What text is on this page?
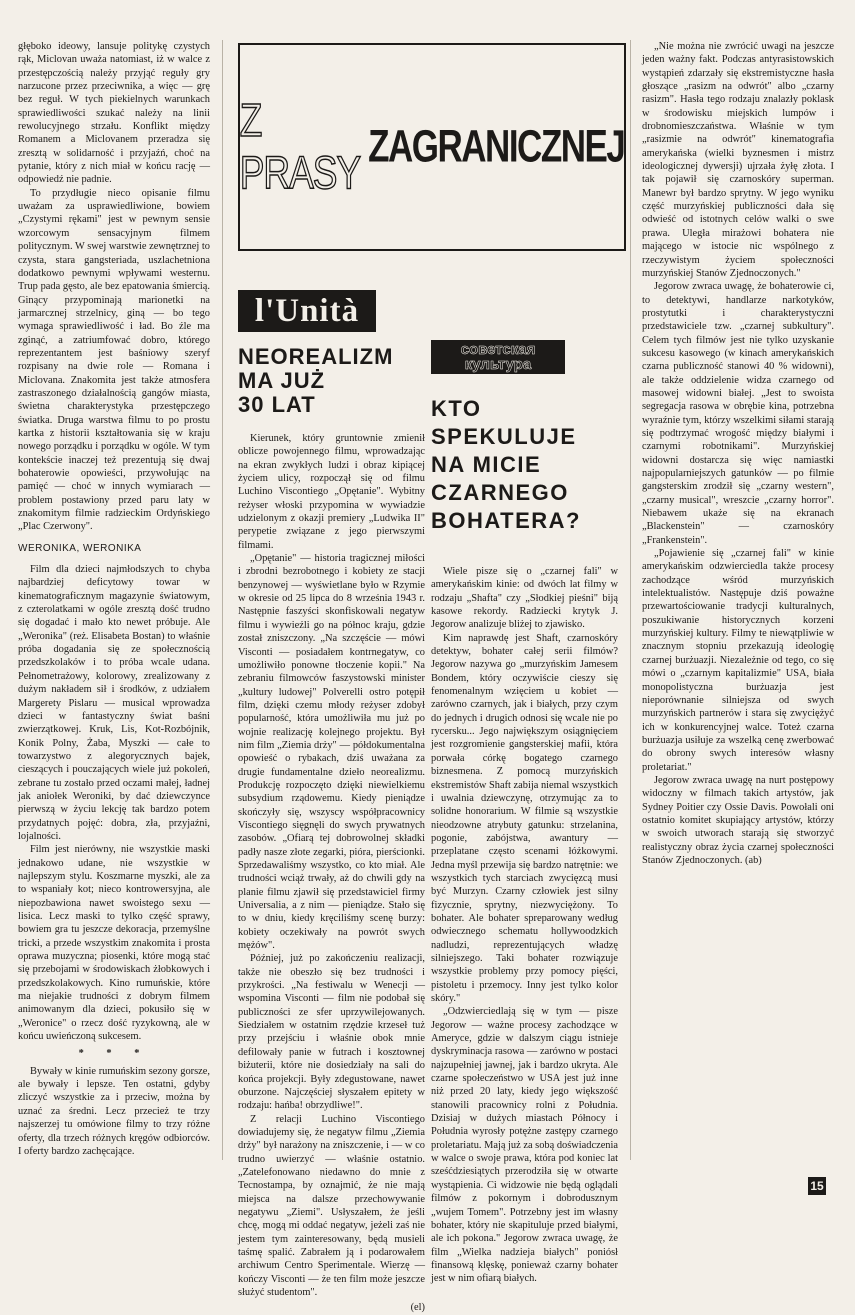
głęboko ideowy, lansuje politykę czystych rąk, Miclovan uważa natomiast, iż w walce z przestępczością należy przyjąć reguły gry narzucone przez przeciwnika, a więc — grę bez reguł. W tych piekielnych warunkach sprawiedliwości szukać należy na linii rewolucyjnego strzału. Konflikt między Romanem a Miclovanem przeradza się zresztą w solidarność i przyjaźń, choć na pytanie, który z nich miał w końcu rację — odpowiedź nie padnie.

To przydługie nieco opisanie filmu uważam za usprawiedliwione, bowiem „Czystymi rękami" jest w pewnym sensie wzorcowym sensacyjnym filmem politycznym. W swej warstwie zewnętrznej to czysta, stara gangsteriada, uszlachetniona dodatkowo pewnymi wpływami westernu. Trup pada gęsto, ale bez epatowania śmiercią. Ginący przypominają marionetki na jarmarcznej strzelnicy, giną — bo tego wymaga sprawiedliwość i ład. Bo źle ma zginąć, a zatriumfować dobro, którego reprezentantem jest baśniowy szeryf rozpisany na dwie role — Romana i Miclovana. Znakomita jest także atmosfera zastraszonego działalnością gangów miasta, świetna charakterystyka przestępczego światka. Druga warstwa filmu to po prostu kartka z historii kształtowania się w kraju nowego porządku i porządku w ogóle. W tym kontekście inaczej też prezentują się dwaj bohaterowie opowieści, przywołując na pamięć — choć w innych wymiarach — problem postawiony przed paru laty w znakomitym filmie radzieckim Ordyńskiego „Plac Czerwony".

WERONIKA, WERONIKA

Film dla dzieci najmłodszych to chyba najbardziej deficytowy towar w kinematograficznym magazynie światowym, z czterolatkami w ogóle zresztą dość trudno się dogadać i mało kto newet próbuje. Ale „Weronika" (reż. Elisabeta Bostan) to właśnie próba dogadania się ze społecznością przedszkolaków i to próba wcale udana. Pełnometrażowy, kolorowy, zrealizowany z dużym nakładem sił i środków, z udziałem Margerety Pislaru — musical wprowadza dzieci w fantastyczny świat baśni zwierzątkowej. Kruk, Lis, Kot-Rozbójnik, Konik Polny, Żaba, Myszki — całe to towarzystwo z alegorycznych bajek, cieszących i pouczających wiele już pokoleń, zebrane tu zostało przed oczami małej, ładnej jak aniołek Weroniki, by dać dziewczynce pierwszą w życiu lekcję tak bardzo potem przydatnych pojęć: dobra, zła, przyjaźni, lojalności.

Film jest nierówny, nie wszystkie maski jednakowo udane, nie wszystkie w najlepszym stylu. Koszmarne myszki, ale za to wspaniały kot; nieco kontrowersyjna, ale niepozbawiona nawet swoistego sexu — lisica. Lecz maski to tylko część sprawy, bowiem gra tu jeszcze dekoracja, przemyślne tricki, a przede wszystkim znakomita i prosta oprawa muzyczna; piosenki, które mogą stać się przebojami w środowiskach żłobkowych i przedszkolakowych. Kino rumuńskie, które ma niejakie trudności z dobrym filmem animowanym dla dzieci, pokusiło się w „Weronice" o rzecz dość ryzykowną, ale w końcu uwieńczoną sukcesem.

* * *

Bywały w kinie rumuńskim sezony gorsze, ale bywały i lepsze. Ten ostatni, gdyby zliczyć wszystkie za i przeciw, można by uznać za średni. Lecz przecież te trzy najszerzej tu omówione filmy to trzy różne oferty, dla trzech różnych kręgów odbiorców. I oferty bardzo zachęcające.

Z PRASY
ZAGRANICZNEJ
l'Unità
NEOREALIZM
MA JUŻ
30 LAT

Kierunek, który gruntownie zmienił oblicze powojennego filmu, wprowadzając na ekran zwykłych ludzi i obraz kipiącej życiem ulicy, rozpoczął się od filmu Luchino Viscontiego „Opętanie". Wybitny reżyser włoski przypomina w wywiadzie udzielonym z okazji premiery „Ludwika II" perypetie związane z jego pierwszymi filmami.

„Opętanie" — historia tragicznej miłości i zbrodni bezrobotnego i kobiety ze stacji benzynowej — wyświetlane było w Rzymie w okresie od 25 lipca do 8 września 1943 r. Następnie faszyści skonfiskowali negatyw filmu i wywieźli go na północ kraju, gdzie został zniszczony. „Na szczęście — mówi Visconti — posiadałem kontrnegatyw, co umożliwiło ponowne tłoczenie kopii." Na zebraniu filmowców faszystowski minister „kultury ludowej" Polverelli ostro potępił film, dzięki czemu młody reżyser zdobył popularność, która umożliwiła mu już po wojnie realizację kolejnego projektu. Był nim film „Ziemia drży" — półdokumentalna opowieść o rybakach, dziś uważana za drugie fundamentalne dzieło neorealizmu. Produkcję rozpoczęto dzięki niewielkiemu subsydium rządowemu. Kiedy pieniądze skończyły się, wszyscy współpracownicy Viscontiego sięgnęli do swych prywatnych zasobów. „Ofiarą tej dobrowolnej składki padły nasze złote zegarki, pióra, pierścionki. Sprzedawaliśmy wszystko, co kto miał. Ale trudności wciąż trwały, aż do chwili gdy na planie filmu zjawił się przedstawiciel firmy Universalia, a z nim — pieniądze. Stało się to w dniu, kiedy kręciliśmy scenę burzy: kobiety oczekiwały na powrót swych mężów".

Później, już po zakończeniu realizacji, także nie obeszło się bez trudności i przykrości. „Na festiwalu w Wenecji — wspomina Visconti — film nie podobał się publiczności ze sfer uprzywilejowanych. Siedziałem w ostatnim rzędzie krzeseł tuż przy przejściu i właśnie obok mnie defilowały panie w futrach i kosztownej biżuterii, które nie dosiedziały na sali do końca projekcji. Były zdegustowane, nawet oburzone. Najczęściej słyszałem epitety w rodzaju: hańba! obrzydliwe!".

Z relacji Luchino Viscontiego dowiadujemy się, że negatyw filmu „Ziemia drży" był narażony na zniszczenie, i — w co trudno uwierzyć — właśnie ostatnio. „Zatelefonowano niedawno do mnie z Tecnostampa, by oznajmić, że nie mają miejsca na dalsze przechowywanie negatywu „Ziemi". Usłyszałem, że jeśli chcę, mogą mi oddać negatyw, jeżeli zaś nie jestem tym zainteresowany, będą musieli taśmę spalić. Zabrałem ją i podarowałem archiwum Centro Sperimentale. Wierzę — kończy Visconti — że ten film może jeszcze służyć studentom".

(el)
советская
культура
KTO
SPEKULUJE
NA MICIE
CZARNEGO
BOHATERA?

Wiele pisze się o „czarnej fali" w amerykańskim kinie: od dwóch lat filmy w rodzaju „Shafta" czy „Słodkiej pieśni" biją kasowe rekordy. Radziecki krytyk J. Jegorow analizuje bliżej to zjawisko.

Kim naprawdę jest Shaft, czarnoskóry detektyw, bohater całej serii filmów? Jegorow nazywa go „murzyńskim Jamesem Bondem, który oczywiście cieszy się fenomenalnym wzięciem u kobiet — zarówno czarnych, jak i białych, przy czym do jednych i drugich odnosi się wcale nie po rycersku... Jego największym osiągnięciem jest rozgromienie gangsterskiej mafii, która porwała córkę bogatego czarnego biznesmena. Z pomocą murzyńskich ekstremistów Shaft zabija niemal wszystkich i uwalnia dziewczynę, otrzymując za to solidne honorarium. W filmie są wszystkie nieodzowne atrybuty gatunku: strzelanina, pogonie, zabójstwa, awantury — przeplatane często scenami łóżkowymi. Jedna myśl przewija się bardzo natrętnie: we wszystkich tych starciach zwycięzcą musi być Murzyn. Czarny człowiek jest silny fizycznie, sprytny, niezwyciężony. To bohater. Ale bohater spreparowany według odwiecznego schematu hollywoodzkich nadludzi, reprezentujących władzę silniejszego. Taki bohater rozwiązuje wszystkie problemy przy pomocy pięści, pistoletu i przemocy. Inny jest tylko kolor skóry."

„Odzwierciedlają się w tym — pisze Jegorow — ważne procesy zachodzące w Ameryce, gdzie w dalszym ciągu istnieje dyskryminacja rasowa — zarówno w postaci najzupełniej jawnej, jak i bardzo ukryta. Ale czarne społeczeństwo w USA jest już inne niż przed 20 laty, kiedy jego większość stanowili pracownicy rolni z Południa. Dzisiaj w dużych miastach Północy i Południa wyrosły potężne zastępy czarnego proletariatu. Mają już za sobą doświadczenia w walce o swoje prawa, która pod koniec lat sześćdziesiątych przerodziła się w otwarte wystąpienia. Ci widzowie nie będą oglądali filmów z pokornym i dobrodusznym „wujem Tomem". Potrzebny jest im własny bohater, który nie skapituluje przed białymi, ale ich pokona." Jegorow zwraca uwagę, że film „Wielka nadzieja białych" poniósł finansową klęskę, ponieważ czarny bohater jest w nim ofiarą białych.

„Nie można nie zwrócić uwagi na jeszcze jeden ważny fakt. Podczas antyrasistowskich wystąpień zdarzały się ekstremistyczne hasła głoszące „rasizm na odwrót" albo „czarny rasizm". Hasła tego rodzaju znalazły poklask w środowisku miejskich lumpów i drobnomieszczaństwa. Właśnie w tym „rasizmie na odwrót" kinematografia amerykańska (wielki byznesmen i mistrz ideologicznej dywersji) ujrzała żyłę złota. I tak pojawił się czarnoskóry superman. Manewr był bardzo sprytny. W jego wyniku część murzyńskiej publiczności dała się odwieść od istotnych celów walki o swe prawa. Uległa mirażowi bohatera nie mającego w istocie nic wspólnego z rzeczywistym życiem społeczności murzyńskiej Stanów Zjednoczonych."

Jegorow zwraca uwagę, że bohaterowie ci, to detektywi, handlarze narkotyków, prostytutki i charakterystyczni przedstawiciele tzw. „czarnej subkultury". Celem tych filmów jest nie tylko uzyskanie sukcesu kasowego (w kinach amerykańskich czarna publiczność stanowi 40 % widowni), ale także oddzielenie widza czarnego od masowej widowni białej. „Jest to swoista segregacja rasowa w obrębie kina, potrzebna wyraźnie tym, którzy wszelkimi siłami starają się podtrzymać wrogość między białymi i czarnymi robotnikami". Murzyńskiej widowni dostarcza się więc namiastki najpopularniejszych gatunków — po filmie gangsterskim zrodził się „czarny western", „czarny musical", wreszcie „czarny horror". Niebawem ukaże się na ekranach „Blackenstein" — czarnoskóry „Frankenstein".

„Pojawienie się „czarnej fali" w kinie amerykańskim odzwierciedla także procesy zachodzące wśród murzyńskich intelektualistów. Następuje dziś poważne przewartościowanie tradycji kulturalnych, poszukiwanie historycznych korzeni murzyńskiej kultury. Filmy te niewątpliwie w znacznym stopniu przekazują ideologię czarnej burżuazji. Niezależnie od tego, co się mówi o „czarnym kapitalizmie" USA, biała monopolistyczna burżuazja jest nieporównanie silniejsza od swych murzyńskich partnerów i stara się zwyciężyć ich w konkurencyjnej walce. Toteż czarna burżuazja usiłuje za wszelką cenę zwerbować do obrony swych interesów własny proletariat."

Jegorow zwraca uwagę na nurt postępowy widoczny w filmach takich artystów, jak Sydney Poitier czy Ossie Davis. Powołali oni ostatnio komitet skupiający artystów, którzy w swoich utworach starają się stworzyć realistyczny obraz życia czarnej społeczności Stanów Zjednoczonych. (ab)

15
